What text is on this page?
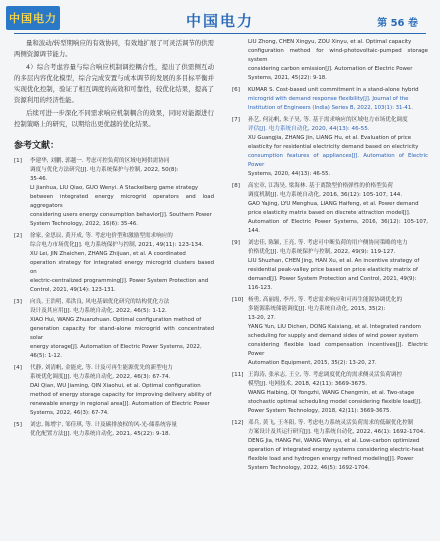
中国电力	中国电力	第 56 卷

量和波动/转型期响应的有效协同，有效地扩展了可灵活调节的供需两侧资源调节能力。

4）综合考虑容量与综合响应机制调控耦合性，提出了供需侧互动的多层内容优化模型，综合完成安置与成本调节的发展的多目标平衡并实现优化控制，验证了相互调度的高效和可靠性，较优化结果，提高了资源利用的经济性能。

后续可进一步深化不同需求响应机制耦合的效果，同时对能源进行控制策略上的研究，以期给出更优越的优化结果。

参考文献：
[1]	李建华, 刘鹏, 郭越一. 考虑可控负荷的区域电网供需协同
调度与优化方法研究[J]. 电力系统保护与控制, 2022, 50(8):
35-46.
LI Jianhua, LIU Qiao, GUO Wenyi. A Stackelberg game strategy
between integrated energy microgrid operators and load aggregators
considering users energy consumption behavior[J]. Southern Power
System Technology, 2022, 16(6): 35-46.
[2]	徐家, 金思辰, 黄开成, 等. 考虑电价型和激励型需求响应的
综合电力市场优化[J]. 电力系统保护与控制, 2021, 49(11): 123-134.
XU Lei, JIN Zhaichen, ZHANG Zhijuan, et al. A coordinated
operation strategy for integrated energy microgrid clusters based on
electric-centralized programming[J]. Power System Protection and
Control, 2021, 49(14): 123-131.
[3]	向良, 王浩明, 邓洪良, 风电基础优化研究的结构优化方法
设计及其应用[J]. 电力系统自动化, 2022, 46(5): 1-12.
XIAO Hui, WANG Zhuanzhuan. Optimal configuration method of
generation capacity for stand-alone microgrid with concentrated solar
energy storage[J]. Automation of Electric Power Systems, 2022,
46(5): 1-12.
[4]	代静, 刘清帆, 金能虎, 等. 计及可再生能源优先的新型电力
系统优化调度[J]. 电力系统自动化, 2022, 46(3): 67-74.
DAI Qian, WU Jiaming, QIN Xiaohui, et al. Optimal configuration
method of energy storage capacity for improving delivery ability of
renewable energy in regional area[J]. Automation of Electric Power
Systems, 2022, 46(3): 67-74.
[5]	刘忠, 陈增宇, 邹佳琪, 等. 计及碳排放权的风-光-储系统容量
优化配置方法[J]. 电力系统自动化, 2021, 45(22): 9-18.
LIU Zhong, CHEN Xingyu, ZOU Xinyu, et al. Optimal capacity
configuration method for wind-photovoltaic-pumped storage system
considering carbon emission[J]. Automation of Electric Power
Systems, 2021, 45(22): 9-18.
[6]	KUMAR S. Cost-based unit commitment in a stand-alone hybrid
microgrid with demand response flexibility[J]. Journal of the
Institution of Engineers (India) Series B, 2022, 103(1): 31-41.
[7]	孙艺, 何沁帆, 朱子昊, 等. 基于需求响应的区域电力市场优化调度
评估[J]. 电力系统自动化, 2020, 44(13): 46-55.
XU Guangjia, ZHANG Jin, LIANG Hu, et al. Evaluation of price
elasticity for residential electricity demand based on electricity
consumption features of appliances[J]. Automation of Electric Power
Systems, 2020, 44(13): 46-55.
[8]	高宏章, 江海昊, 梁海林. 基于离散型价格弹性的价格型负荷
调度机制[J]. 电力系统自动化, 2016, 36(12): 105-107, 144.
GAO Yajing, LYU Menghua, LIANG Haifeng, et al. Power demand
price elasticity matrix based on discrete attraction model[J].
Automation of Electric Power Systems, 2016, 36(12): 105-107, 144.
[9]	刘忠佳, 陈颖, 王亮, 等. 考虑可中断负荷的用户侧协同策略的电力
价格优化[J]. 电力系统保护与控制, 2022, 49(9): 119-127.
LIU Shuzhan, CHEN Jing, HAN Xu, et al. An incentive strategy of
residential peak-valley price based on price elasticity matrix of
demand[J]. Power System Protection and Control, 2021, 49(9):
116-123.
[10] 杨勇, 高丽霞, 李丹, 等. 考虑需求响应和可再生能源协调优化的
多能源系统储能调度[J]. 电力系统自动化, 2015, 35(2):
13-20, 27.
YANG Yun, LIU Dichen, DONG Kaixiang, et al. Integrated random
scheduling for supply and demand sides of wind power system
considering flexible load compensation incentives[J]. Electric Power
Automation Equipment, 2015, 35(2): 13-20, 27.
[11] 王海涛, 张承志, 王立, 等. 考虑调度优化的需求侧灵活负荷调控
模型[J]. 电网技术, 2018, 42(11): 3669-3675.
WANG Haibing, QI Yongzhi, WANG Chengmin, et al. Two-stage
stochastic optimal scheduling model considering flexible load[J].
Power System Technology, 2018, 42(11): 3669-3675.
[12] 邓兵, 黄飞, 王冬阳, 等. 考虑电力系统灵活负荷需求的低碳优化控制
方案设计及其运行研究[J]. 电力系统自动化, 2022, 46(1): 1692-1704.
DENG Jia, HANG Fei, WANG Wenyu, et al. Low-carbon optimized
operation of integrated energy systems considering electric-heat
flexible load and hydrogen energy refined modeling[J]. Power
System Technology, 2022, 46(5): 1692-1704.
